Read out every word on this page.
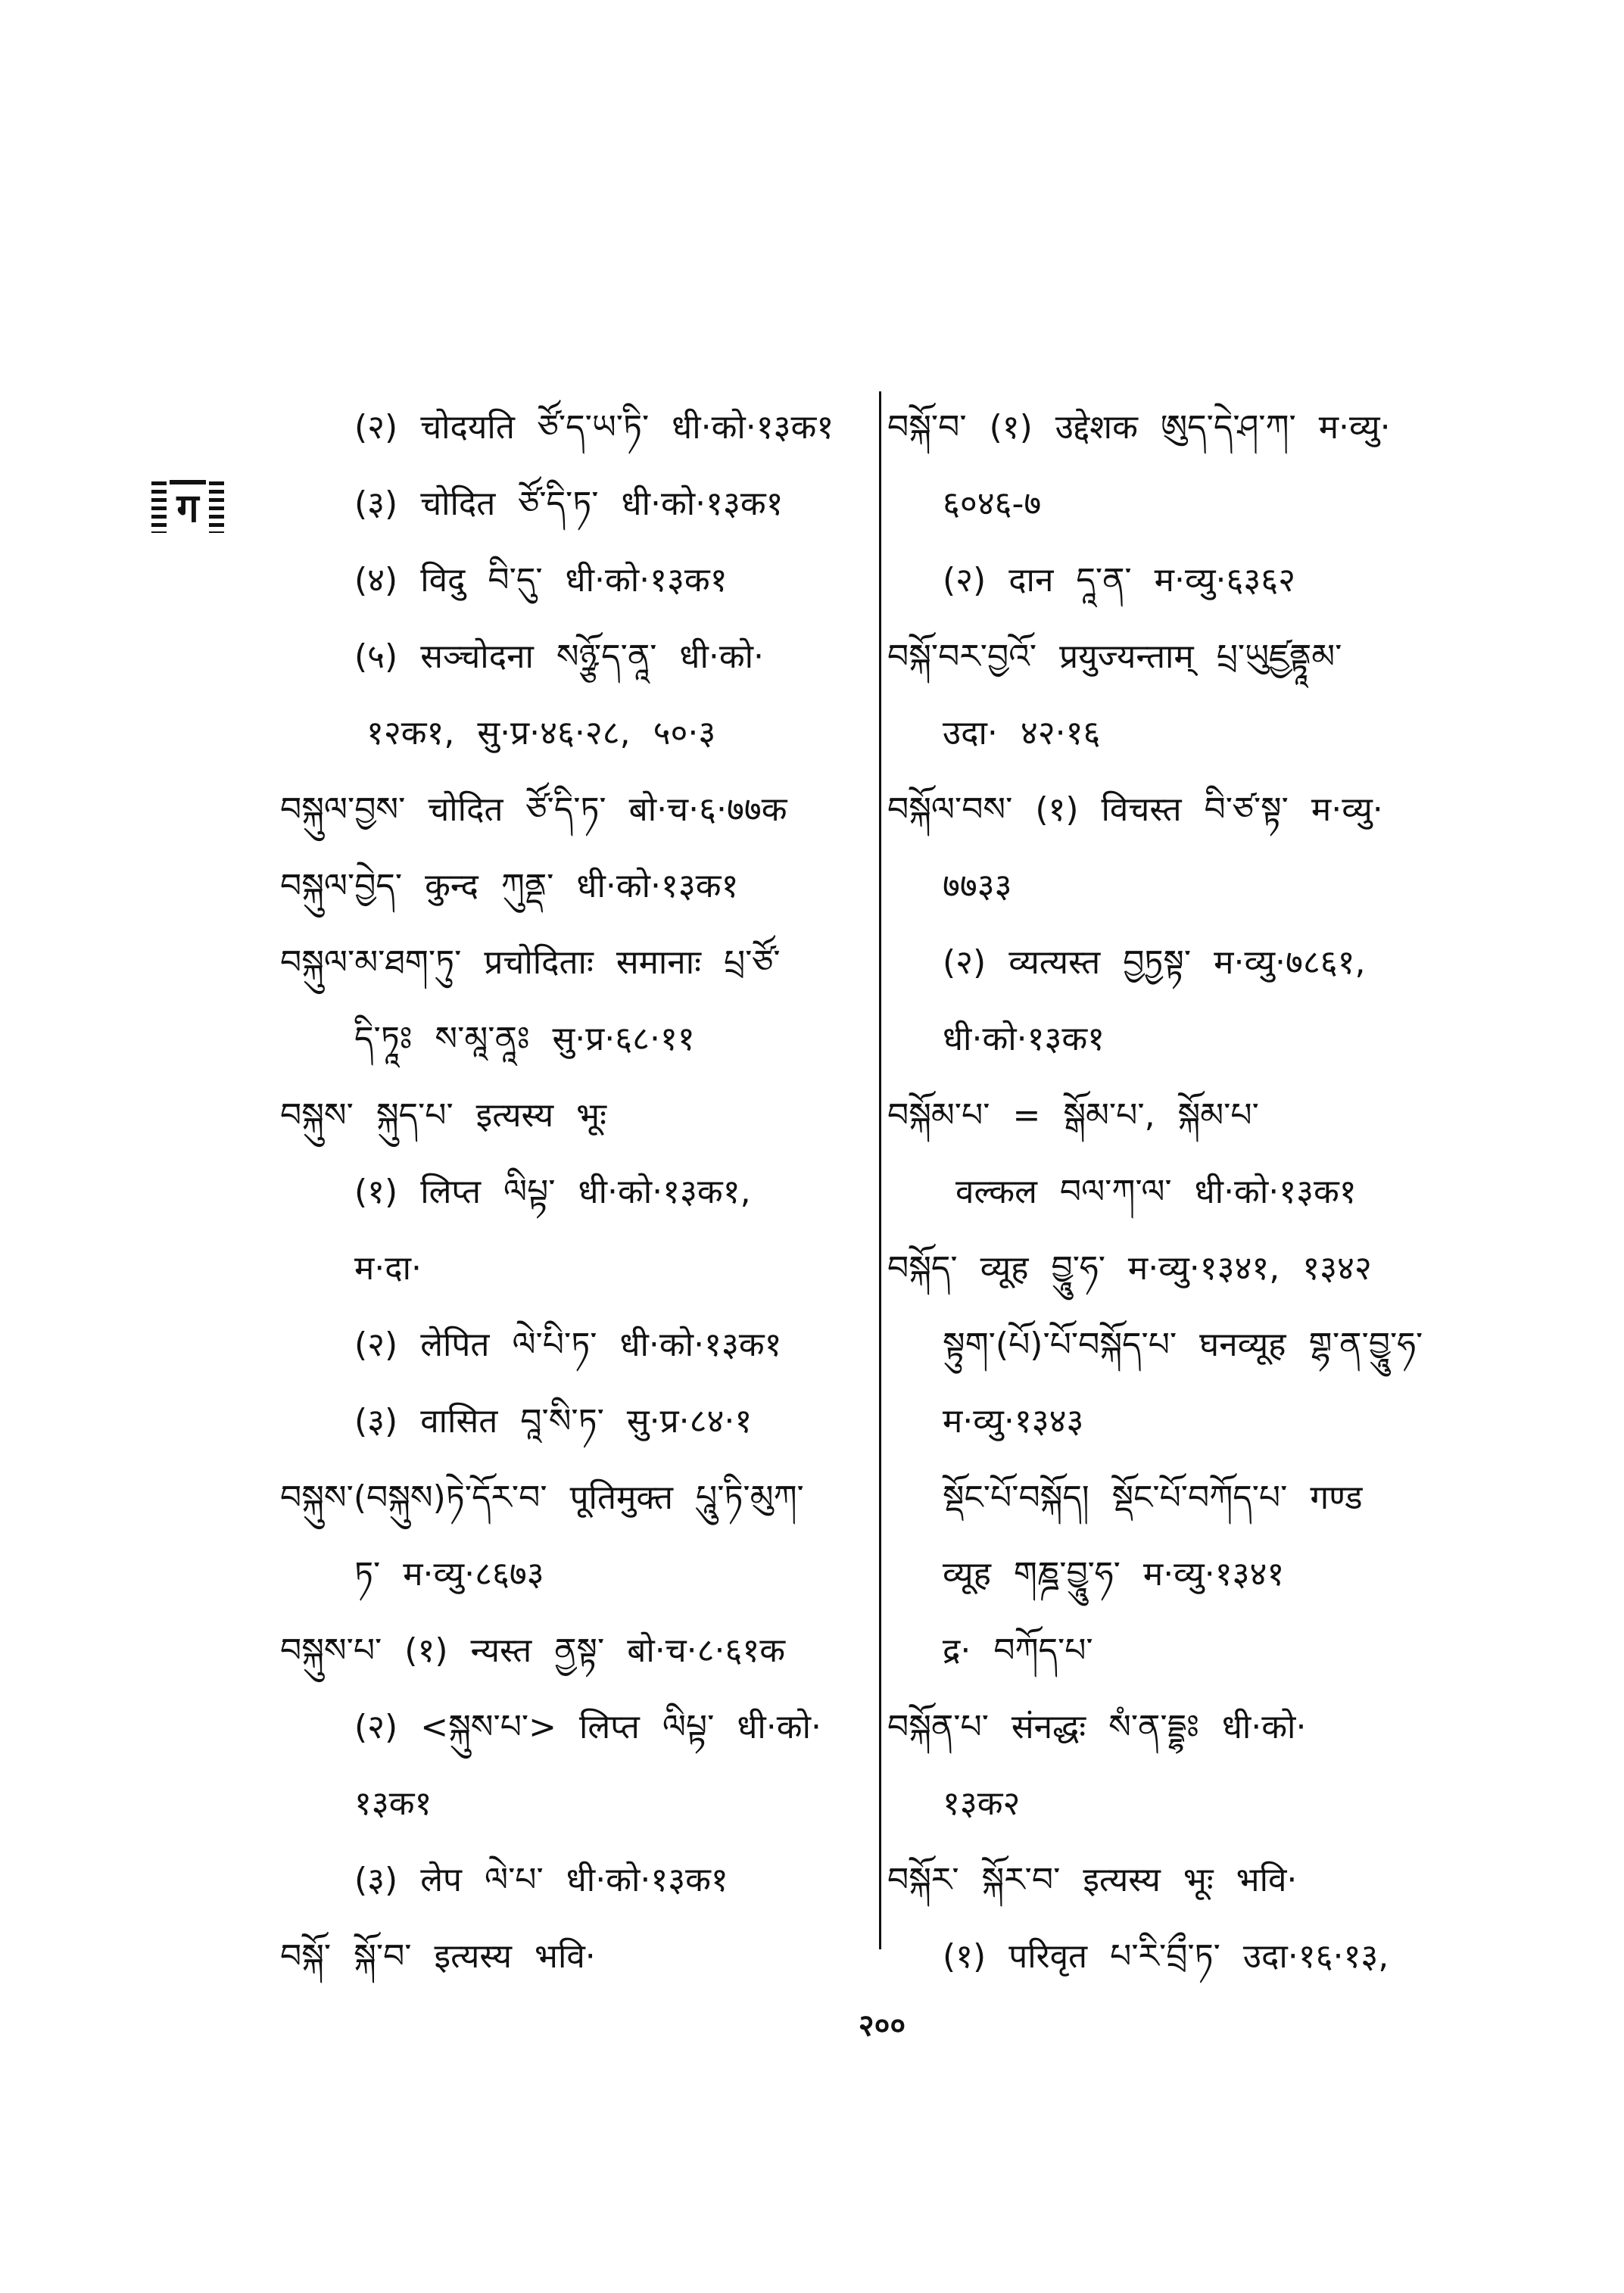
ग
(२) चोदयति ཙོ་ད་ཡ་ཏི་ धी·को·१३क१
(३) चोदित ཙོ་དི་ཏ་ धी·को·१३क१
(४) विदु བི་དུ་ धी·को·१३क१
(५) सञ्चोदना སཉྩོ་ད་ནཱ་ धी·को·
१२क१, सु·प्र·४६·२८, ५०·३
བསྐུལ་བྱས་ चोदित ཙོ་དི་ཏ་ बो·च·६·७७क
བསྐུལ་བྱེད་ कुन्द ཀུནྡ་ धी·को·१३क१
བསྐུལ་མ་ཐག་ཏུ་ प्रचोदिताः समानाः པྲ་ཙོ་
དི་ཏཱཿ ས་མཱ་ནཱཿ सु·प्र·६८·११
བསྐུས་ སྐུད་པ་ इत्यस्य भूः
(१) लिप्त ལིཔྟ་ धी·को·१३क१,
म·दा·
(२) लेपित ལེ་པི་ཏ་ धी·को·१३क१
(३) वासित བཱ་སི་ཏ་ सु·प्र·८४·१
བསྐུས་(བསྐུས)ཏེ་དོར་བ་ पूतिमुक्त པཱུ་ཏི་མུཀ་
ཏ་ म·व्यु·८६७३
བསྐུས་པ་ (१) न्यस्त ནྱསྟ་ बो·च·८·६१क
(२) <སྐུས་པ་> लिप्त ལིཔྟ་ धी·को·
१३क१
(३) लेप ལེ་པ་ धी·को·१३क१
བསྐོ་ སྐོ་བ་ इत्यस्य भवि·
བསྐོ་བ་ (१) उद्देशक ཨུད་དེ་ཤ་ཀ་ म·व्यु·
६०४६-७
(२) दान དཱ་ན་ म·व्यु·६३६२
བསྐོ་བར་བྱའོ་ प्रयुज्यन्ताम् པྲ་ཡུཛྱནྟཱམ་
उदा· ४२·१६
བསྐོལ་བས་ (१) विचस्त བི་ཙ་སྟ་ म·व्यु·
७७३३
(२) व्यत्यस्त བྱཏྱསྟ་ म·व्यु·७८६१,
धी·को·१३क१
བསྐོམ་པ་ = སྒོམ་པ་, སྐོམ་པ་
वल्कल བལ་ཀ་ལ་ धी·को·१३क१
བསྐོད་ व्यूह བྱཱུ་ཧ་ म·व्यु·१३४१, १३४२
སྟུག་(པོ)་པོ་བསྐོད་པ་ घनव्यूह གྷ་ན་བྱཱུ་ཧ་
म·व्यु·१३४३
སྡོང་པོ་བསྐོད། སྡོང་པོ་བཀོད་པ་ गण्ड
व्यूह གཎྜ་བྱཱུ་ཧ་ म·व्यु·१३४१
द्र· བཀོད་པ་
བསྐོན་པ་ संनद्धः སཾ་ན་དྡྷཿ धी·को·
१३क२
བསྐོར་ སྐོར་བ་ इत्यस्य भूः भवि·
(१) परिवृत པ་རི་བྲྀ་ཏ་ उदा·१६·१३,
२००
